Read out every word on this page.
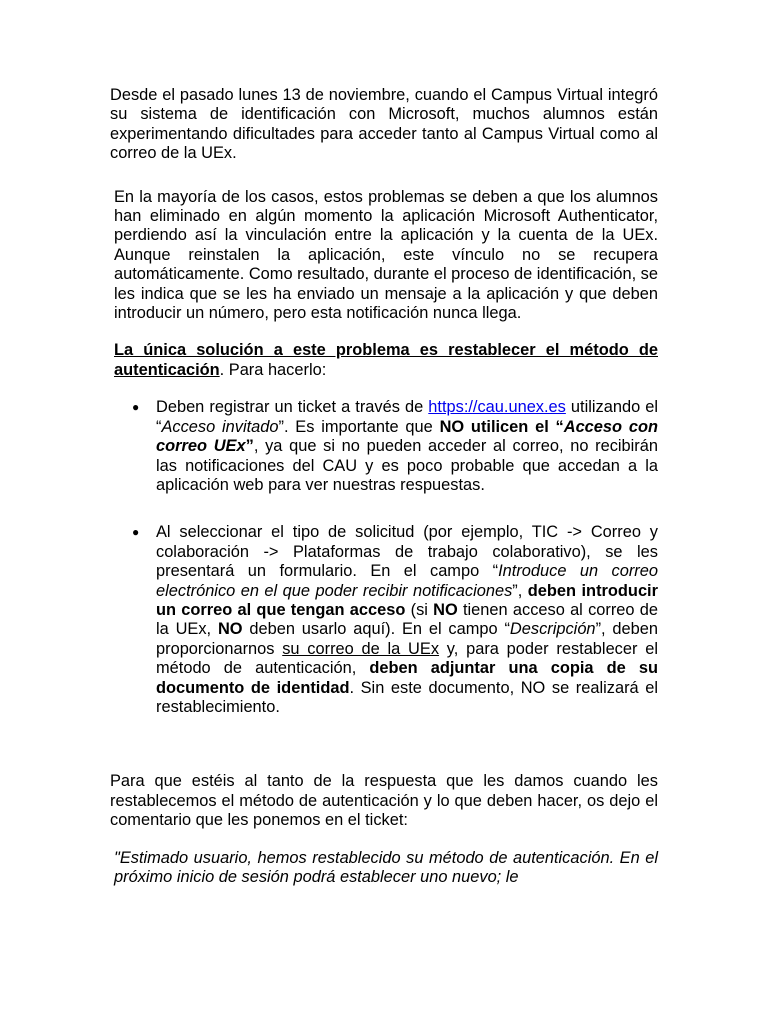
Desde el pasado lunes 13 de noviembre, cuando el Campus Virtual integró su sistema de identificación con Microsoft, muchos alumnos están experimentando dificultades para acceder tanto al Campus Virtual como al correo de la UEx.

En la mayoría de los casos, estos problemas se deben a que los alumnos han eliminado en algún momento la aplicación Microsoft Authenticator, perdiendo así la vinculación entre la aplicación y la cuenta de la UEx. Aunque reinstalen la aplicación, este vínculo no se recupera automáticamente. Como resultado, durante el proceso de identificación, se les indica que se les ha enviado un mensaje a la aplicación y que deben introducir un número, pero esta notificación nunca llega.

La única solución a este problema es restablecer el método de autenticación. Para hacerlo:

● Deben registrar un ticket a través de https://cau.unex.es utilizando el “Acceso invitado”. Es importante que NO utilicen el “Acceso con correo UEx”, ya que si no pueden acceder al correo, no recibirán las notificaciones del CAU y es poco probable que accedan a la aplicación web para ver nuestras respuestas.
● Al seleccionar el tipo de solicitud (por ejemplo, TIC -> Correo y colaboración -> Plataformas de trabajo colaborativo), se les presentará un formulario. En el campo “Introduce un correo electrónico en el que poder recibir notificaciones”, deben introducir un correo al que tengan acceso (si NO tienen acceso al correo de la UEx, NO deben usarlo aquí). En el campo “Descripción”, deben proporcionarnos su correo de la UEx y, para poder restablecer el método de autenticación, deben adjuntar una copia de su documento de identidad. Sin este documento, NO se realizará el restablecimiento.

Para que estéis al tanto de la respuesta que les damos cuando les restablecemos el método de autenticación y lo que deben hacer, os dejo el comentario que les ponemos en el ticket:

"Estimado usuario, hemos restablecido su método de autenticación. En el próximo inicio de sesión podrá establecer uno nuevo; le
